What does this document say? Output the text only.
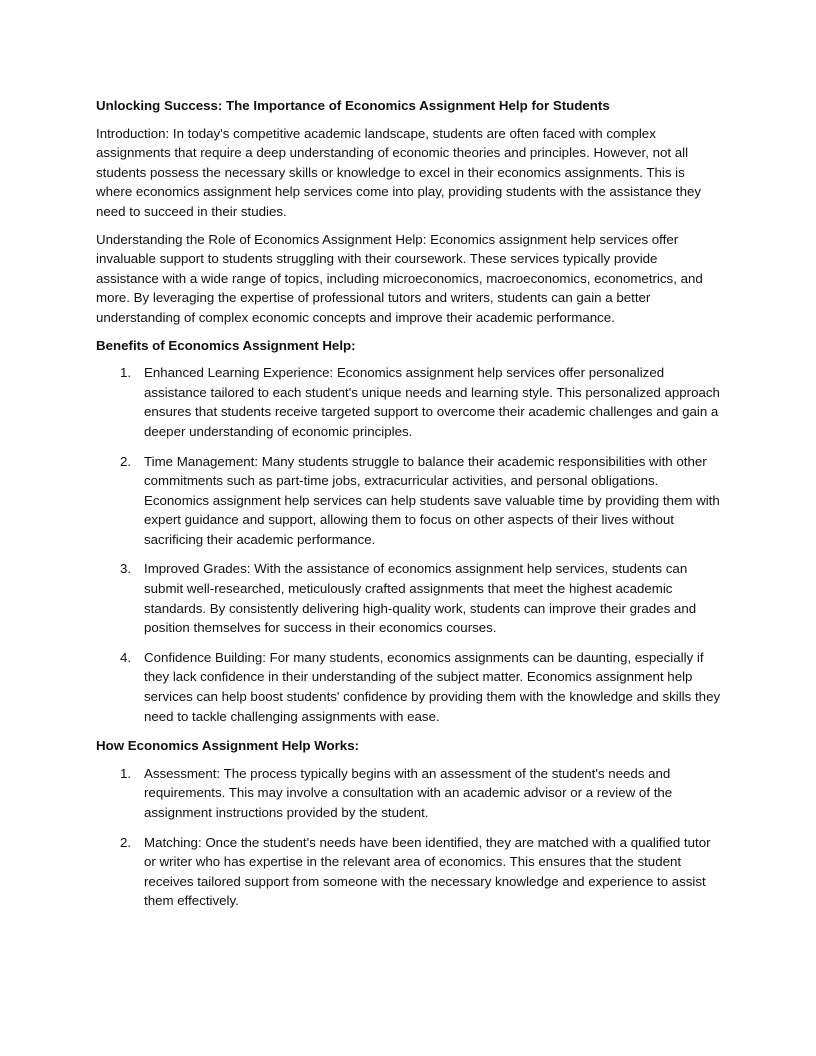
Unlocking Success: The Importance of Economics Assignment Help for Students

Introduction: In today's competitive academic landscape, students are often faced with complex assignments that require a deep understanding of economic theories and principles. However, not all students possess the necessary skills or knowledge to excel in their economics assignments. This is where economics assignment help services come into play, providing students with the assistance they need to succeed in their studies.

Understanding the Role of Economics Assignment Help: Economics assignment help services offer invaluable support to students struggling with their coursework. These services typically provide assistance with a wide range of topics, including microeconomics, macroeconomics, econometrics, and more. By leveraging the expertise of professional tutors and writers, students can gain a better understanding of complex economic concepts and improve their academic performance.

Benefits of Economics Assignment Help:
1. Enhanced Learning Experience: Economics assignment help services offer personalized assistance tailored to each student's unique needs and learning style. This personalized approach ensures that students receive targeted support to overcome their academic challenges and gain a deeper understanding of economic principles.
2. Time Management: Many students struggle to balance their academic responsibilities with other commitments such as part-time jobs, extracurricular activities, and personal obligations. Economics assignment help services can help students save valuable time by providing them with expert guidance and support, allowing them to focus on other aspects of their lives without sacrificing their academic performance.
3. Improved Grades: With the assistance of economics assignment help services, students can submit well-researched, meticulously crafted assignments that meet the highest academic standards. By consistently delivering high-quality work, students can improve their grades and position themselves for success in their economics courses.
4. Confidence Building: For many students, economics assignments can be daunting, especially if they lack confidence in their understanding of the subject matter. Economics assignment help services can help boost students' confidence by providing them with the knowledge and skills they need to tackle challenging assignments with ease.
How Economics Assignment Help Works:
1. Assessment: The process typically begins with an assessment of the student's needs and requirements. This may involve a consultation with an academic advisor or a review of the assignment instructions provided by the student.
2. Matching: Once the student's needs have been identified, they are matched with a qualified tutor or writer who has expertise in the relevant area of economics. This ensures that the student receives tailored support from someone with the necessary knowledge and experience to assist them effectively.
